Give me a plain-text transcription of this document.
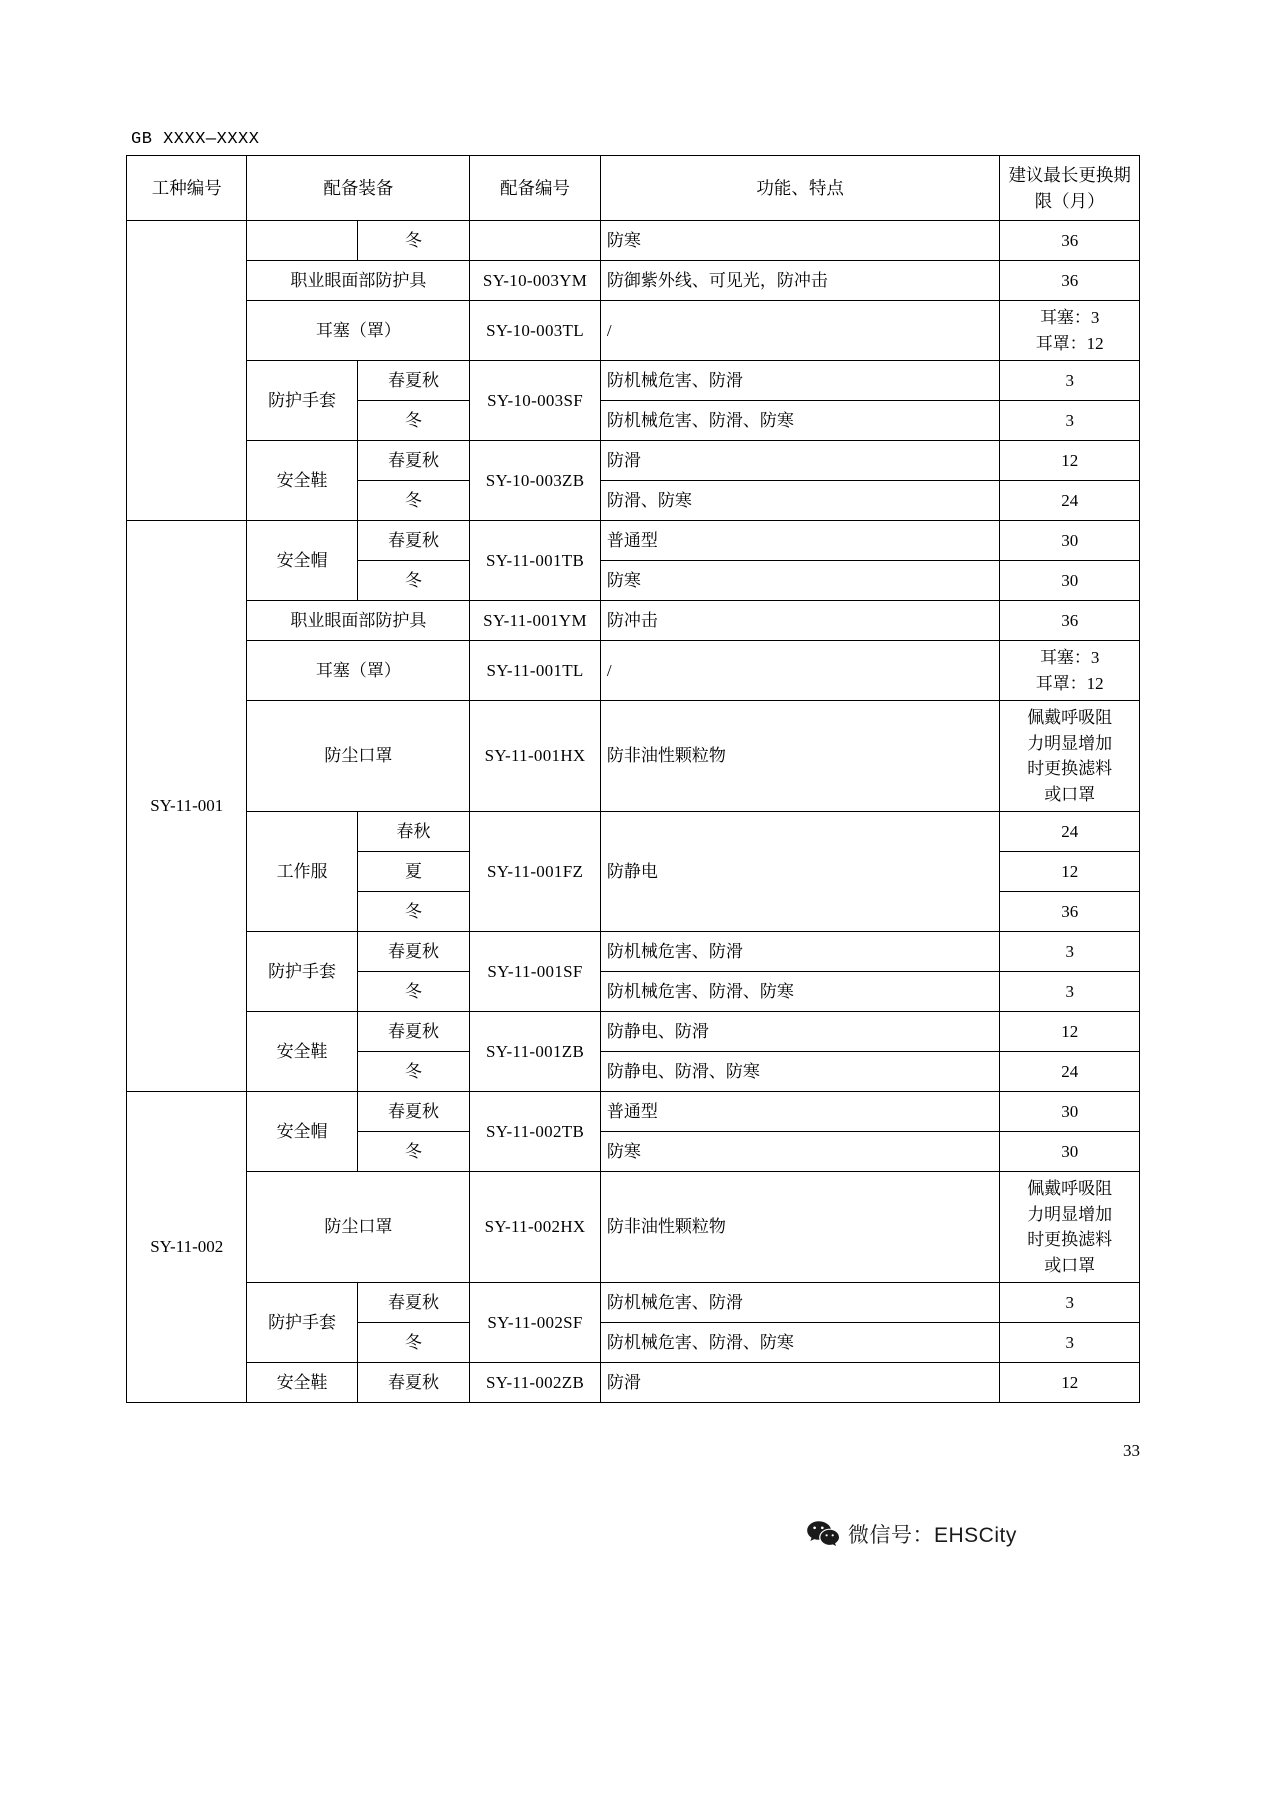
GB XXXX—XXXX
工种编号	配备装备		配备编号	功能、特点	建议最长更换期限（月）
		冬		防寒	36
	职业眼面部防护具		SY-10-003YM	防御紫外线、可见光，防冲击	36
	耳塞（罩）		SY-10-003TL	/	耳塞：3
耳罩：12

	防护手套	春夏秋	SY-10-003SF	防机械危害、防滑	3
		冬		防机械危害、防滑、防寒	3
	安全鞋	春夏秋	SY-10-003ZB	防滑	12
		冬		防滑、防寒	24
SY-11-001	安全帽	春夏秋	SY-11-001TB	普通型	30
		冬		防寒	30
	职业眼面部防护具		SY-11-001YM	防冲击	36
	耳塞（罩）		SY-11-001TL	/	耳塞：3
耳罩：12

	防尘口罩		SY-11-001HX	防非油性颗粒物	佩戴呼吸阻
力明显增加
时更换滤料
或口罩

	工作服	春秋	SY-11-001FZ	防静电	24
		夏			12
		冬			36
	防护手套	春夏秋	SY-11-001SF	防机械危害、防滑	3
		冬		防机械危害、防滑、防寒	3
	安全鞋	春夏秋	SY-11-001ZB	防静电、防滑	12
		冬		防静电、防滑、防寒	24
SY-11-002	安全帽	春夏秋	SY-11-002TB	普通型	30
		冬		防寒	30
	防尘口罩		SY-11-002HX	防非油性颗粒物	佩戴呼吸阻
力明显增加
时更换滤料
或口罩

	防护手套	春夏秋	SY-11-002SF	防机械危害、防滑	3
		冬		防机械危害、防滑、防寒	3
	安全鞋	春夏秋	SY-11-002ZB	防滑	12
33
微信号：EHSCity
